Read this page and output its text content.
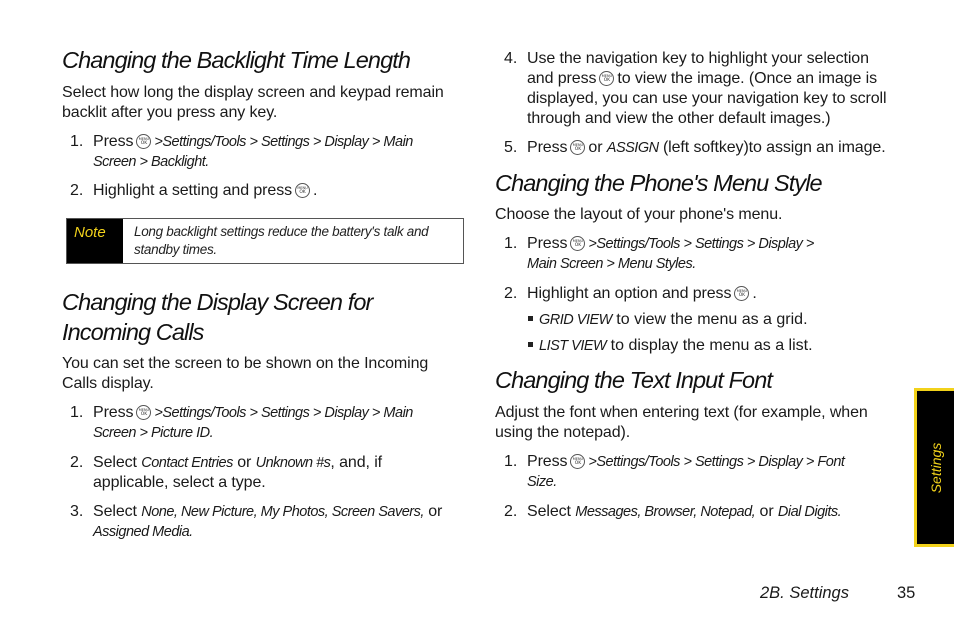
Changing the Backlight Time Length
Select how long the display screen and keypad remain backlit after you press any key.
1. Press MENU OK >Settings/Tools > Settings > Display > Main
Screen > Backlight.
2. Highlight a setting and press MENU OK .
Note	Long backlight settings reduce the battery's talk and standby times.
Changing the Display Screen for
Incoming Calls
You can set the screen to be shown on the Incoming Calls display.
1. Press MENU OK >Settings/Tools > Settings > Display > Main
Screen > Picture ID.
2. Select Contact Entries or Unknown #s, and, if
applicable, select a type.
3. Select None, New Picture, My Photos, Screen Savers, or
Assigned Media.
4. Use the navigation key to highlight your selection
and press MENU OK to view the image. (Once an image is
displayed, you can use your navigation key to scroll
through and view the other default images.)
5. Press MENU OK or ASSIGN (left softkey)to assign an image.
Changing the Phone's Menu Style
Choose the layout of your phone's menu.
1. Press MENU OK >Settings/Tools > Settings > Display >
Main Screen > Menu Styles.
2. Highlight an option and press MENU OK .
GRID VIEW to view the menu as a grid.
LIST VIEW to display the menu as a list.
Changing the Text Input Font
Adjust the font when entering text (for example, when using the notepad).
1. Press MENU OK >Settings/Tools > Settings > Display > Font
Size.
2. Select Messages, Browser, Notepad, or Dial Digits.
Settings
2B. Settings	35
